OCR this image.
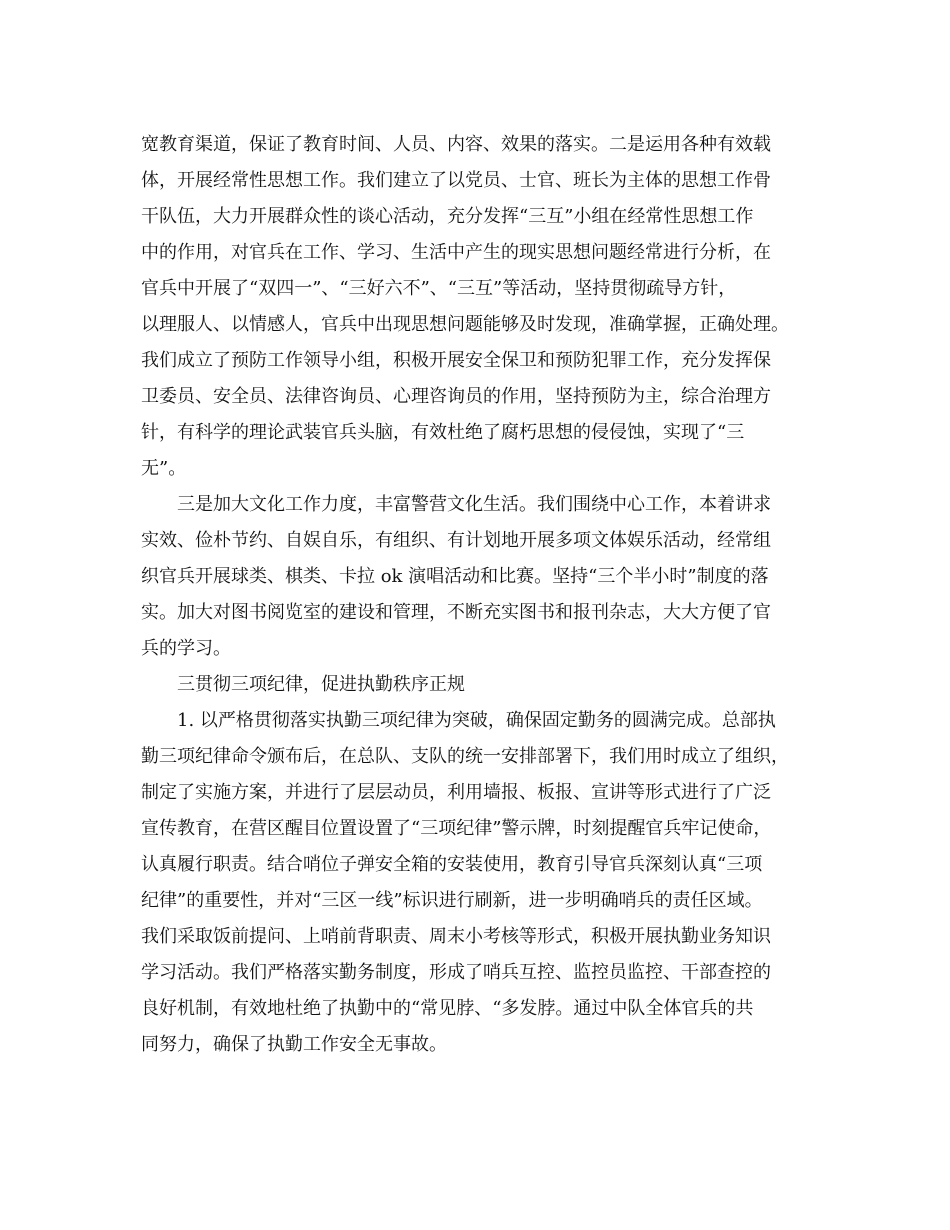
宽教育渠道，保证了教育时间、人员、内容、效果的落实。二是运用各种有效载

体，开展经常性思想工作。我们建立了以党员、士官、班长为主体的思想工作骨

干队伍，大力开展群众性的谈心活动，充分发挥“三互”小组在经常性思想工作

中的作用，对官兵在工作、学习、生活中产生的现实思想问题经常进行分析，在

官兵中开展了“双四一”、“三好六不”、“三互”等活动，坚持贯彻疏导方针，

以理服人、以情感人，官兵中出现思想问题能够及时发现，准确掌握，正确处理。

我们成立了预防工作领导小组，积极开展安全保卫和预防犯罪工作，充分发挥保

卫委员、安全员、法律咨询员、心理咨询员的作用，坚持预防为主，综合治理方

针，有科学的理论武装官兵头脑，有效杜绝了腐朽思想的侵侵蚀，实现了“三

无”。

三是加大文化工作力度，丰富警营文化生活。我们围绕中心工作，本着讲求

实效、俭朴节约、自娱自乐，有组织、有计划地开展多项文体娱乐活动，经常组

织官兵开展球类、棋类、卡拉 ok 演唱活动和比赛。坚持“三个半小时”制度的落

实。加大对图书阅览室的建设和管理，不断充实图书和报刊杂志，大大方便了官

兵的学习。

三贯彻三项纪律，促进执勤秩序正规

1. 以严格贯彻落实执勤三项纪律为突破，确保固定勤务的圆满完成。总部执

勤三项纪律命令颁布后，在总队、支队的统一安排部署下，我们用时成立了组织，

制定了实施方案，并进行了层层动员，利用墙报、板报、宣讲等形式进行了广泛

宣传教育，在营区醒目位置设置了“三项纪律”警示牌，时刻提醒官兵牢记使命，

认真履行职责。结合哨位子弹安全箱的安装使用，教育引导官兵深刻认真“三项

纪律”的重要性，并对“三区一线”标识进行刷新，进一步明确哨兵的责任区域。

我们采取饭前提问、上哨前背职责、周末小考核等形式，积极开展执勤业务知识

学习活动。我们严格落实勤务制度，形成了哨兵互控、监控员监控、干部查控的

良好机制，有效地杜绝了执勤中的“常见脖、“多发脖。通过中队全体官兵的共

同努力，确保了执勤工作安全无事故。
